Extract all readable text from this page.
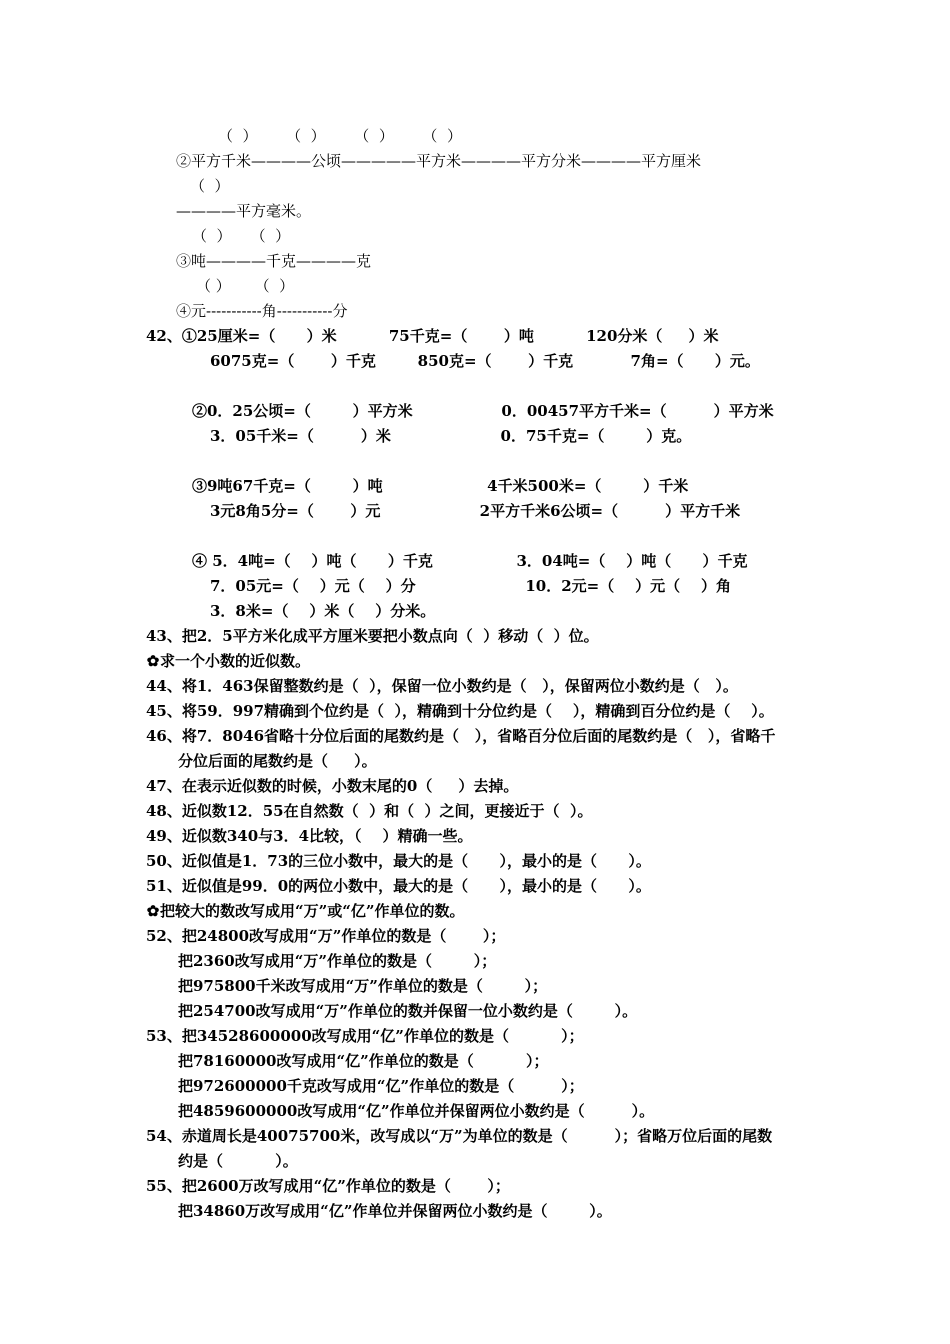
（  ）      （  ）      （  ）      （  ）
②平方千米————公顷—————平方米————平方分米————平方厘米
（  ）
————平方毫米。
（  ）    （  ）
③吨————千克————克
（ ）     （  ）
④元-----------角-----------分
42、①25厘米=（      ）米          75千克=（       ）吨          120分米（     ）米
6075克=（       ）千克        850克=（       ）千克           7角=（      ）元。
②0．25公顷=（        ）平方米                 0．00457平方千米=（         ）平方米
3．05千米=（         ）米                     0．75千克=（        ）克。
③9吨67千克=（        ）吨                    4千米500米=（        ）千米
3元8角5分=（       ）元                   2平方千米6公顷=（         ）平方千米
④ 5．4吨=（    ）吨（      ）千克                3．04吨=（    ）吨（      ）千克
7．05元=（    ）元（    ）分                     10．2元=（    ）元（    ）角
3．8米=（    ）米（    ）分米。
43、把2．5平方米化成平方厘米要把小数点向（  ）移动（  ）位。
✿求一个小数的近似数。
44、将1．463保留整数约是（  ），保留一位小数约是（   ），保留两位小数约是（   ）。
45、将59．997精确到个位约是（  ），精确到十分位约是（    ），精确到百分位约是（    ）。
46、将7．8046省略十分位后面的尾数约是（   ），省略百分位后面的尾数约是（   ），省略千
分位后面的尾数约是（     ）。
47、在表示近似数的时候，小数末尾的0（     ）去掉。
48、近似数12．55在自然数（  ）和（  ）之间，更接近于（  ）。
49、近似数340与3．4比较，（    ）精确一些。
50、近似值是1．73的三位小数中，最大的是（      ），最小的是（      ）。
51、近似值是99．0的两位小数中，最大的是（      ），最小的是（      ）。
✿把较大的数改写成用“万”或“亿”作单位的数。
52、把24800改写成用“万”作单位的数是（       ）；
把2360改写成用“万”作单位的数是（        ）；
把975800千米改写成用“万”作单位的数是（        ）；
把254700改写成用“万”作单位的数并保留一位小数约是（        ）。
53、把34528600000改写成用“亿”作单位的数是（          ）；
把78160000改写成用“亿”作单位的数是（          ）；
把972600000千克改写成用“亿”作单位的数是（         ）；
把4859600000改写成用“亿”作单位并保留两位小数约是（         ）。
54、赤道周长是40075700米，改写成以“万”为单位的数是（         ）；省略万位后面的尾数
约是（          ）。
55、把2600万改写成用“亿”作单位的数是（       ）；
把34860万改写成用“亿”作单位并保留两位小数约是（        ）。
